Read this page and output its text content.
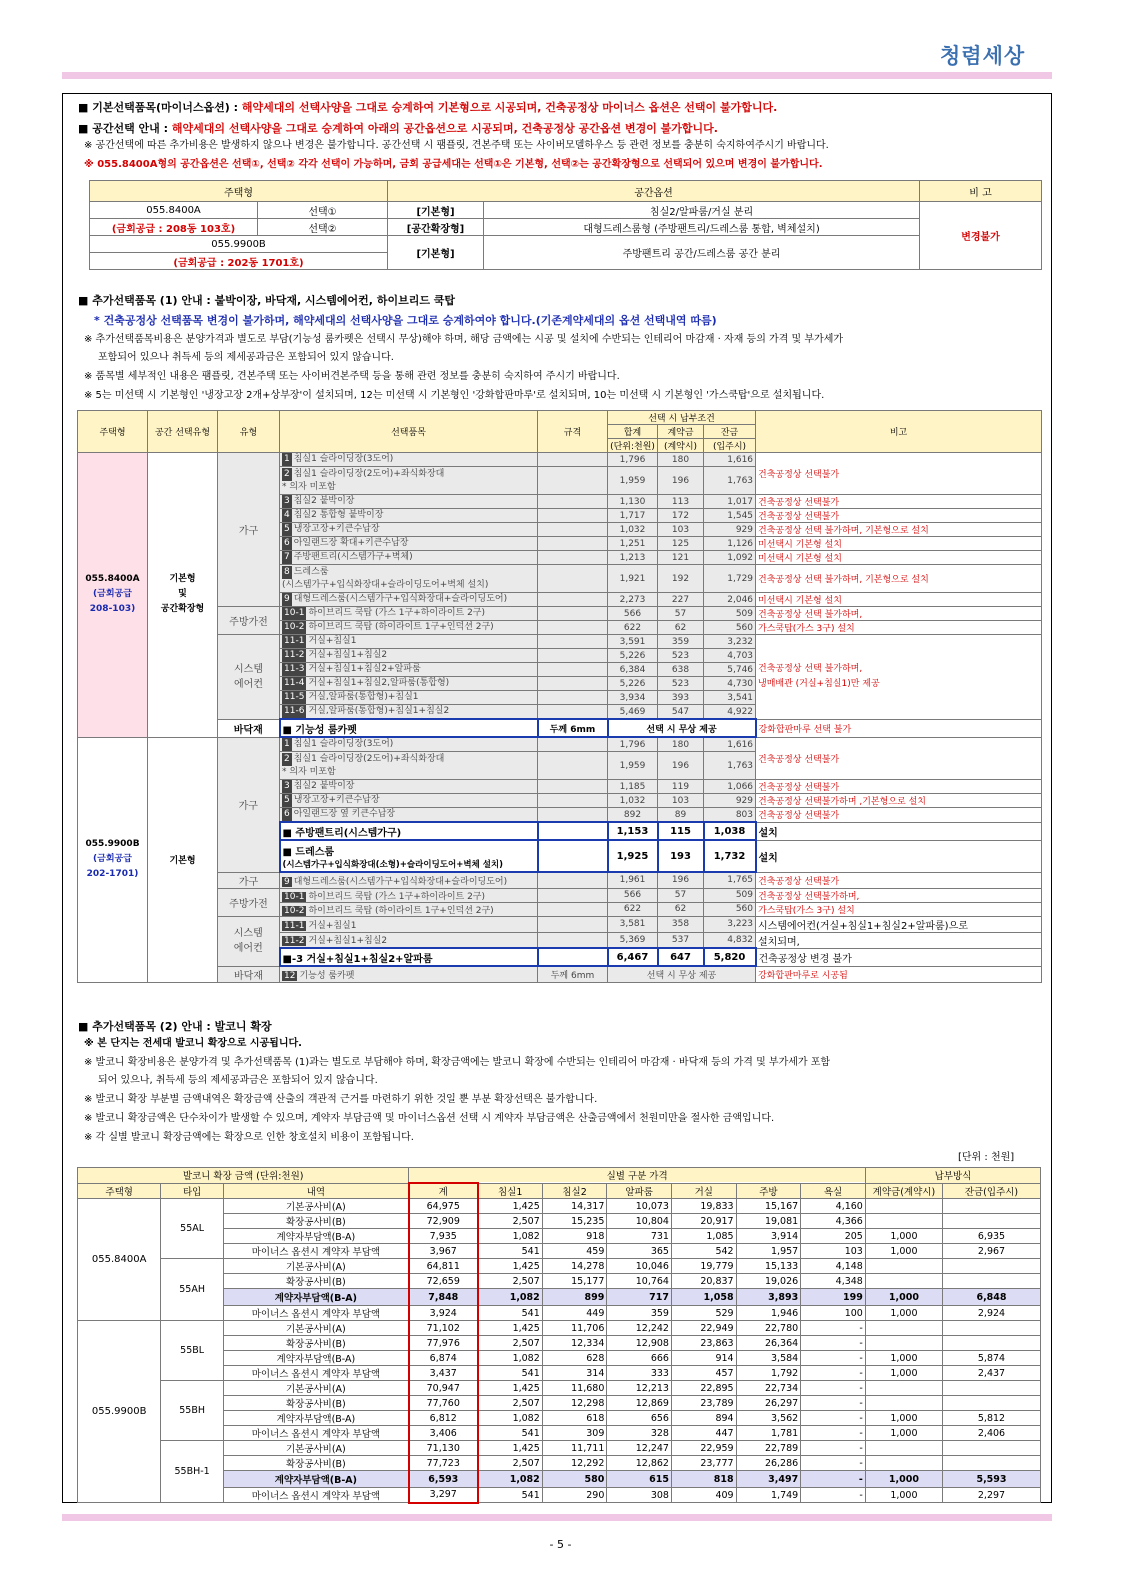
청렴세상
■ 기본선택품목(마이너스옵션) : 해약세대의 선택사양을 그대로 승계하여 기본형으로 시공되며, 건축공정상 마이너스 옵션은 선택이 불가합니다.
■ 공간선택 안내 : 해약세대의 선택사양을 그대로 승계하여 아래의 공간옵션으로 시공되며, 건축공정상 공간옵션 변경이 불가합니다.
※ 공간선택에 따른 추가비용은 발생하지 않으나 변경은 불가합니다. 공간선택 시 팸플릿, 견본주택 또는 사이버모델하우스 등 관련 정보를 충분히 숙지하여주시기 바랍니다.
※ 055.8400A형의 공간옵션은 선택①, 선택② 각각 선택이 가능하며, 금회 공급세대는 선택①은 기본형, 선택②는 공간확장형으로 선택되어 있으며 변경이 불가합니다.
주택형		공간옵션		비 고
055.8400A	선택①	[기본형]	침실2/알파룸/거실 분리	변경불가
(금회공급 : 208동 103호)	선택②	[공간확장형]	대형드레스룸형 (주방팬트리/드레스룸 통합, 벽체설치)	
055.9900B		[기본형]	주방팬트리 공간/드레스룸 공간 분리	
(금회공급 : 202동 1701호)				
■ 추가선택품목 (1) 안내 : 붙박이장, 바닥재, 시스템에어컨, 하이브리드 쿡탑
* 건축공정상 선택품목 변경이 불가하며, 해약세대의 선택사양을 그대로 승계하여야 합니다.(기존계약세대의 옵션 선택내역 따름)
※ 추가선택품목비용은 분양가격과 별도로 부담(기능성 룸카펫은 선택시 무상)해야 하며, 해당 금액에는 시공 및 설치에 수반되는 인테리어 마감재 · 자재 등의 가격 및 부가세가
포함되어 있으나 취득세 등의 제세공과금은 포함되어 있지 않습니다.
※ 품목별 세부적인 내용은 팸플릿, 견본주택 또는 사이버견본주택 등을 통해 관련 정보를 충분히 숙지하여 주시기 바랍니다.
※ 5는 미선택 시 기본형인 '냉장고장 2개+상부장'이 설치되며, 12는 미선택 시 기본형인 '강화합판마루'로 설치되며, 10는 미선택 시 기본형인 '가스쿡탑'으로 설치됩니다.
주택형	공간 선택유형	유형	선택품목	규격	선택 시 납부조건			비고
					합계	계약금	잔금	
					(단위:천원)	(계약시)	(입주시)	
055.8400A
(금회공급
208-103)	기본형
및
공간확장형	가구	1 침실1 슬라이딩장(3도어)		1,796	180	1,616	건축공정상 선택불가
			2 침실1 슬라이딩장(2도어)+좌식화장대
* 의자 미포함		1,959	196	1,763	
			3 침실2 붙박이장		1,130	113	1,017	건축공정상 선택불가
			4 침실2 통합형 붙박이장		1,717	172	1,545	건축공정상 선택불가
			5 냉장고장+키큰수납장		1,032	103	929	건축공정상 선택 불가하며, 기본형으로 설치
			6 아일랜드장 확대+키큰수납장		1,251	125	1,126	미선택시 기본형 설치
			7 주방팬트리(시스템가구+벽체)		1,213	121	1,092	미선택시 기본형 설치
			8 드레스룸
(시스템가구+입식화장대+슬라이딩도어+벽체 설치)		1,921	192	1,729	건축공정상 선택 불가하며, 기본형으로 설치
			9 대형드레스룸(시스템가구+입식화장대+슬라이딩도어)		2,273	227	2,046	미선택시 기본형 설치
		주방가전	10-1 하이브리드 쿡탑 (가스 1구+하이라이트 2구)		566	57	509	건축공정상 선택 불가하며,
			10-2 하이브리드 쿡탑 (하이라이트 1구+인덕션 2구)		622	62	560	가스쿡탑(가스 3구) 설치
		시스템
에어컨	11-1 거실+침실1		3,591	359	3,232	건축공정상 선택 불가하며,
냉매배관 (거실+침실1)만 제공
			11-2 거실+침실1+침실2		5,226	523	4,703	
			11-3 거실+침실1+침실2+알파룸		6,384	638	5,746	
			11-4 거실+침실1+침실2,알파룸(통합형)		5,226	523	4,730	
			11-5 거실,알파룸(통합형)+침실1		3,934	393	3,541	
			11-6 거실,알파룸(통합형)+침실1+침실2		5,469	547	4,922	
		바닥재	■ 기능성 룸카펫	두께 6mm	선택 시 무상 제공			강화합판마루 선택 불가
055.9900B
(금회공급
202-1701)	기본형	가구	1 침실1 슬라이딩장(3도어)		1,796	180	1,616	건축공정상 선택불가
			2 침실1 슬라이딩장(2도어)+좌식화장대
* 의자 미포함		1,959	196	1,763	
			3 침실2 붙박이장		1,185	119	1,066	건축공정상 선택불가
			5 냉장고장+키큰수납장		1,032	103	929	건축공정상 선택불가하며 ,기본형으로 설치
			6 아일랜드장 옆 키큰수납장		892	89	803	건축공정상 선택불가
			■ 주방팬트리(시스템가구)		1,153	115	1,038	설치
			■ 드레스룸
(시스템가구+입식화장대(소형)+슬라이딩도어+벽체 설치)		1,925	193	1,732	설치
		가구	9 대형드레스룸(시스템가구+입식화장대+슬라이딩도어)		1,961	196	1,765	건축공정상 선택불가
		주방가전	10-1 하이브리드 쿡탑 (가스 1구+하이라이트 2구)		566	57	509	건축공정상 선택불가하며,
			10-2 하이브리드 쿡탑 (하이라이트 1구+인덕션 2구)		622	62	560	가스쿡탑(가스 3구) 설치
		시스템
에어컨	11-1 거실+침실1		3,581	358	3,223	시스템에어컨(거실+침실1+침실2+알파룸)으로
			11-2 거실+침실1+침실2		5,369	537	4,832	설치되며,
			■-3 거실+침실1+침실2+알파룸		6,467	647	5,820	건축공정상 변경 불가
		바닥재	12 기능성 룸카펫	두께 6mm	선택 시 무상 제공			강화합판마루로 시공됨
■ 추가선택품목 (2) 안내 : 발코니 확장
※ 본 단지는 전세대 발코니 확장으로 시공됩니다.
※ 발코니 확장비용은 분양가격 및 추가선택품목 (1)과는 별도로 부담해야 하며, 확장금액에는 발코니 확장에 수반되는 인테리어 마감재 · 바닥재 등의 가격 및 부가세가 포함
되어 있으나, 취득세 등의 제세공과금은 포함되어 있지 않습니다.
※ 발코니 확장 부분별 금액내역은 확장금액 산출의 객관적 근거를 마련하기 위한 것일 뿐 부분 확장선택은 불가합니다.
※ 발코니 확장금액은 단수차이가 발생할 수 있으며, 계약자 부담금액 및 마이너스옵션 선택 시 계약자 부담금액은 산출금액에서 천원미만을 절사한 금액입니다.
※ 각 실별 발코니 확장금액에는 확장으로 인한 창호설치 비용이 포함됩니다.
[단위 : 천원]
발코니 확장 금액 (단위:천원)			실별 구분 가격							납부방식	
주택형	타입	내역	계	침실1	침실2	알파룸	거실	주방	욕실	계약금(계약시)	잔금(입주시)
055.8400A	55AL	기본공사비(A)	64,975	1,425	14,317	10,073	19,833	15,167	4,160		
		확장공사비(B)	72,909	2,507	15,235	10,804	20,917	19,081	4,366		
		계약자부담액(B-A)	7,935	1,082	918	731	1,085	3,914	205	1,000	6,935
		마이너스 옵션시 계약자 부담액	3,967	541	459	365	542	1,957	103	1,000	2,967
	55AH	기본공사비(A)	64,811	1,425	14,278	10,046	19,779	15,133	4,148		
		확장공사비(B)	72,659	2,507	15,177	10,764	20,837	19,026	4,348		
		계약자부담액(B-A)	7,848	1,082	899	717	1,058	3,893	199	1,000	6,848
		마이너스 옵션시 계약자 부담액	3,924	541	449	359	529	1,946	100	1,000	2,924
055.9900B	55BL	기본공사비(A)	71,102	1,425	11,706	12,242	22,949	22,780	-		
		확장공사비(B)	77,976	2,507	12,334	12,908	23,863	26,364	-		
		계약자부담액(B-A)	6,874	1,082	628	666	914	3,584	-	1,000	5,874
		마이너스 옵션시 계약자 부담액	3,437	541	314	333	457	1,792	-	1,000	2,437
	55BH	기본공사비(A)	70,947	1,425	11,680	12,213	22,895	22,734	-		
		확장공사비(B)	77,760	2,507	12,298	12,869	23,789	26,297	-		
		계약자부담액(B-A)	6,812	1,082	618	656	894	3,562	-	1,000	5,812
		마이너스 옵션시 계약자 부담액	3,406	541	309	328	447	1,781	-	1,000	2,406
	55BH-1	기본공사비(A)	71,130	1,425	11,711	12,247	22,959	22,789	-		
		확장공사비(B)	77,723	2,507	12,292	12,862	23,777	26,286	-		
		계약자부담액(B-A)	6,593	1,082	580	615	818	3,497	-	1,000	5,593
		마이너스 옵션시 계약자 부담액	3,297	541	290	308	409	1,749	-	1,000	2,297
- 5 -
